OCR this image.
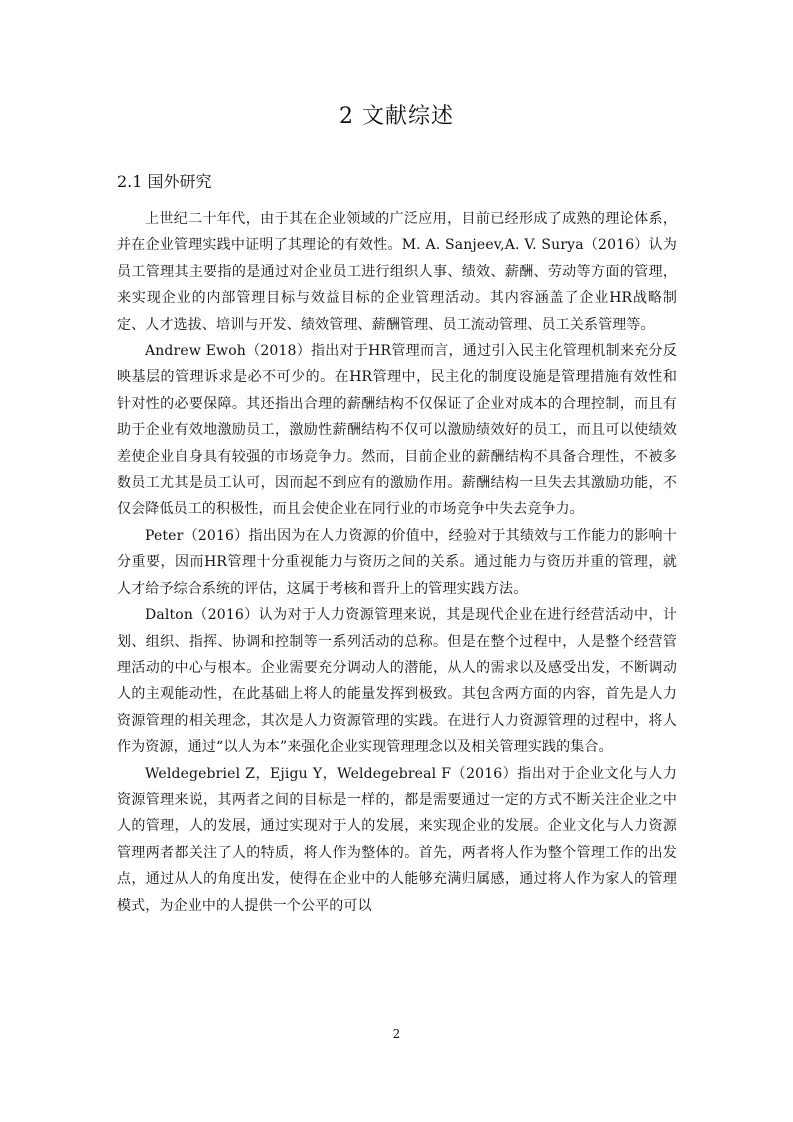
2 文献综述
2.1 国外研究

上世纪二十年代，由于其在企业领域的广泛应用，目前已经形成了成熟的理论体系，并在企业管理实践中证明了其理论的有效性。M. A. Sanjeev,A. V. Surya（2016）认为员工管理其主要指的是通过对企业员工进行组织人事、绩效、薪酬、劳动等方面的管理，来实现企业的内部管理目标与效益目标的企业管理活动。其内容涵盖了企业HR战略制定、人才选拔、培训与开发、绩效管理、薪酬管理、员工流动管理、员工关系管理等。

Andrew Ewoh（2018）指出对于HR管理而言，通过引入民主化管理机制来充分反映基层的管理诉求是必不可少的。在HR管理中，民主化的制度设施是管理措施有效性和针对性的必要保障。其还指出合理的薪酬结构不仅保证了企业对成本的合理控制，而且有助于企业有效地激励员工，激励性薪酬结构不仅可以激励绩效好的员工，而且可以使绩效差使企业自身具有较强的市场竞争力。然而，目前企业的薪酬结构不具备合理性，不被多数员工尤其是员工认可，因而起不到应有的激励作用。薪酬结构一旦失去其激励功能，不仅会降低员工的积极性，而且会使企业在同行业的市场竞争中失去竞争力。

Peter（2016）指出因为在人力资源的价值中，经验对于其绩效与工作能力的影响十分重要，因而HR管理十分重视能力与资历之间的关系。通过能力与资历并重的管理，就人才给予综合系统的评估，这属于考核和晋升上的管理实践方法。

Dalton（2016）认为对于人力资源管理来说，其是现代企业在进行经营活动中，计划、组织、指挥、协调和控制等一系列活动的总称。但是在整个过程中，人是整个经营管理活动的中心与根本。企业需要充分调动人的潜能，从人的需求以及感受出发，不断调动人的主观能动性，在此基础上将人的能量发挥到极致。其包含两方面的内容，首先是人力资源管理的相关理念，其次是人力资源管理的实践。在进行人力资源管理的过程中，将人作为资源，通过“以人为本”来强化企业实现管理理念以及相关管理实践的集合。

Weldegebriel Z，Ejigu Y，Weldegebreal F（2016）指出对于企业文化与人力资源管理来说，其两者之间的目标是一样的，都是需要通过一定的方式不断关注企业之中人的管理，人的发展，通过实现对于人的发展，来实现企业的发展。企业文化与人力资源管理两者都关注了人的特质，将人作为整体的。首先，两者将人作为整个管理工作的出发点，通过从人的角度出发，使得在企业中的人能够充满归属感，通过将人作为家人的管理模式，为企业中的人提供一个公平的可以

2
